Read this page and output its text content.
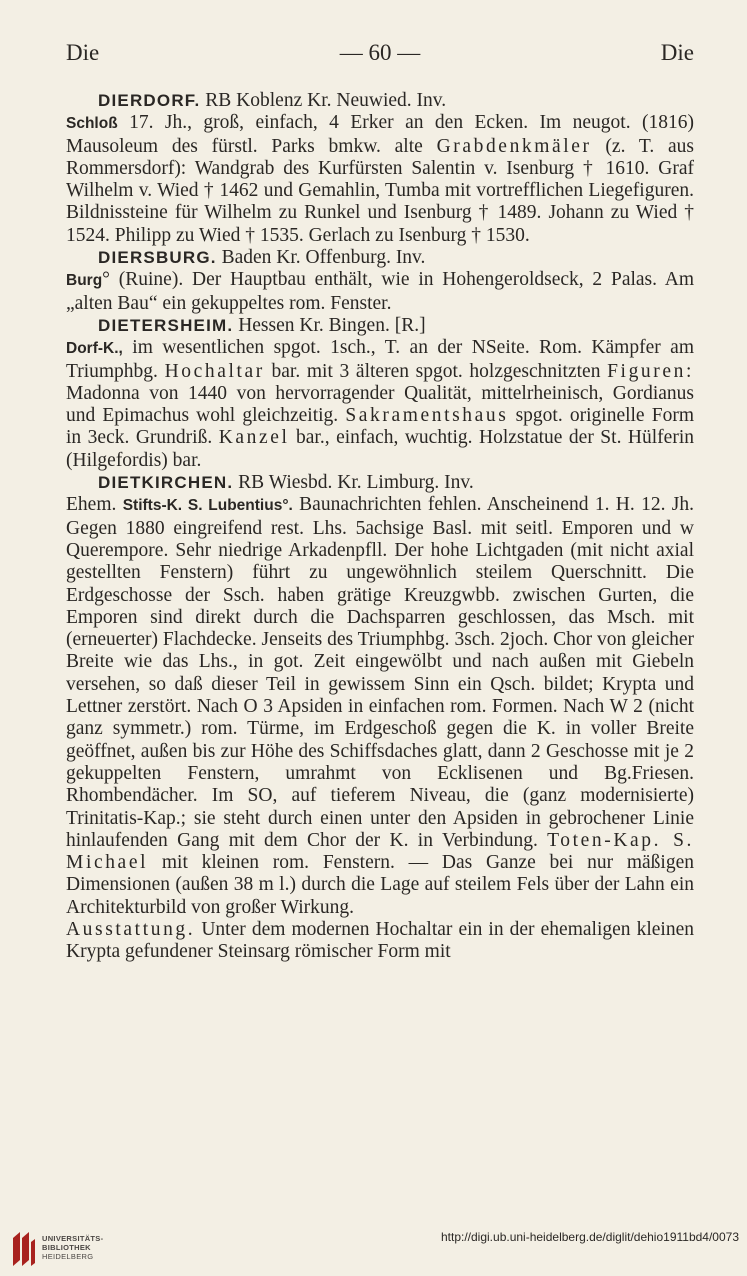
Die	— 60 —	Die

DIERDORF. RB Koblenz Kr. Neuwied. Inv.

Schloß 17. Jh., groß, einfach, 4 Erker an den Ecken. Im neugot. (1816) Mausoleum des fürstl. Parks bmkw. alte Grabdenkmäler (z. T. aus Rommersdorf): Wandgrab des Kurfürsten Salentin v. Isenburg † 1610. Graf Wilhelm v. Wied † 1462 und Gemahlin, Tumba mit vortrefflichen Liegefiguren. Bildnissteine für Wilhelm zu Runkel und Isenburg † 1489. Johann zu Wied † 1524. Philipp zu Wied † 1535. Gerlach zu Isenburg † 1530.

DIERSBURG. Baden Kr. Offenburg. Inv.

Burg° (Ruine). Der Hauptbau enthält, wie in Hohengeroldseck, 2 Palas. Am „alten Bau“ ein gekuppeltes rom. Fenster.

DIETERSHEIM. Hessen Kr. Bingen. [R.]

Dorf-K., im wesentlichen spgot. 1sch., T. an der NSeite. Rom. Kämpfer am Triumphbg. Hochaltar bar. mit 3 älteren spgot. holzgeschnitzten Figuren: Madonna von 1440 von hervorragender Qualität, mittelrheinisch, Gordianus und Epimachus wohl gleichzeitig. Sakramentshaus spgot. originelle Form in 3eck. Grundriß. Kanzel bar., einfach, wuchtig. Holzstatue der St. Hülferin (Hilgefordis) bar.

DIETKIRCHEN. RB Wiesbd. Kr. Limburg. Inv.

Ehem. Stifts-K. S. Lubentius°. Baunachrichten fehlen. Anscheinend 1. H. 12. Jh. Gegen 1880 eingreifend rest. Lhs. 5achsige Basl. mit seitl. Emporen und w Querempore. Sehr niedrige Arkadenpfll. Der hohe Lichtgaden (mit nicht axial gestellten Fenstern) führt zu ungewöhnlich steilem Querschnitt. Die Erdgeschosse der Ssch. haben grätige Kreuzgwbb. zwischen Gurten, die Emporen sind direkt durch die Dachsparren geschlossen, das Msch. mit (erneuerter) Flachdecke. Jenseits des Triumphbg. 3sch. 2joch. Chor von gleicher Breite wie das Lhs., in got. Zeit eingewölbt und nach außen mit Giebeln versehen, so daß dieser Teil in gewissem Sinn ein Qsch. bildet; Krypta und Lettner zerstört. Nach O 3 Apsiden in einfachen rom. Formen. Nach W 2 (nicht ganz symmetr.) rom. Türme, im Erdgeschoß gegen die K. in voller Breite geöffnet, außen bis zur Höhe des Schiffsdaches glatt, dann 2 Geschosse mit je 2 gekuppelten Fenstern, umrahmt von Ecklisenen und Bg.Friesen. Rhombendächer. Im SO, auf tieferem Niveau, die (ganz modernisierte) Trinitatis-Kap.; sie steht durch einen unter den Apsiden in gebrochener Linie hinlaufenden Gang mit dem Chor der K. in Verbindung. Toten-Kap. S. Michael mit kleinen rom. Fenstern. — Das Ganze bei nur mäßigen Dimensionen (außen 38 m l.) durch die Lage auf steilem Fels über der Lahn ein Architekturbild von großer Wirkung.

Ausstattung. Unter dem modernen Hochaltar ein in der ehemaligen kleinen Krypta gefundener Steinsarg römischer Form mit

UNIVERSITÄTS-
BIBLIOTHEK
HEIDELBERG
http://digi.ub.uni-heidelberg.de/diglit/dehio1911bd4/0073
